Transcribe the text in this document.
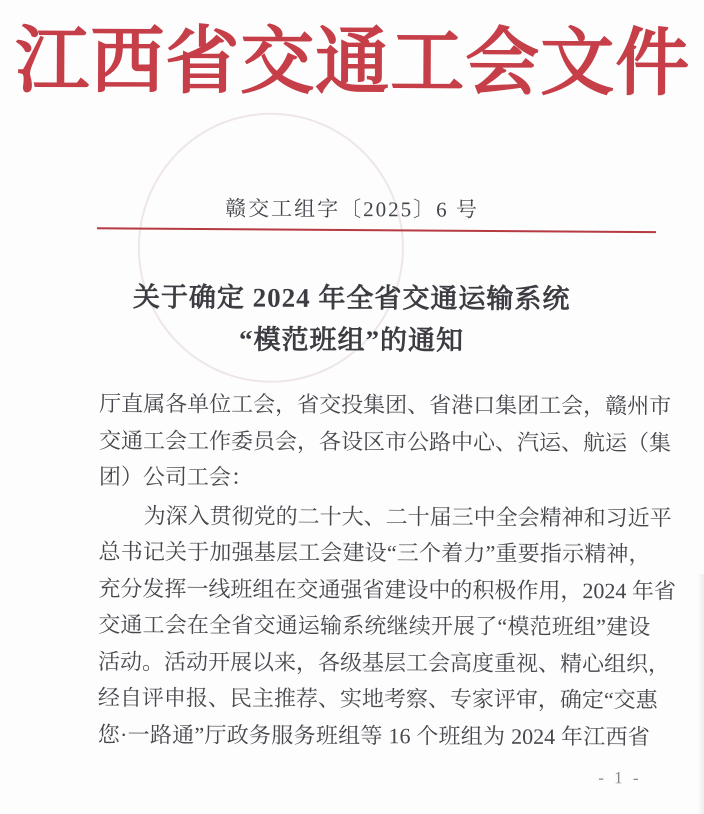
江西省交通工会文件
赣交工组字〔2025〕6 号
关于确定 2024 年全省交通运输系统
“模范班组”的通知
厅直属各单位工会，省交投集团、省港口集团工会，赣州市
交通工会工作委员会，各设区市公路中心、汽运、航运（集
团）公司工会：
为深入贯彻党的二十大、二十届三中全会精神和习近平
总书记关于加强基层工会建设“三个着力”重要指示精神，
充分发挥一线班组在交通强省建设中的积极作用，2024 年省
交通工会在全省交通运输系统继续开展了“模范班组”建设
活动。活动开展以来，各级基层工会高度重视、精心组织，
经自评申报、民主推荐、实地考察、专家评审，确定“交惠
您·一路通”厅政务服务班组等 16 个班组为 2024 年江西省
- 1 -
